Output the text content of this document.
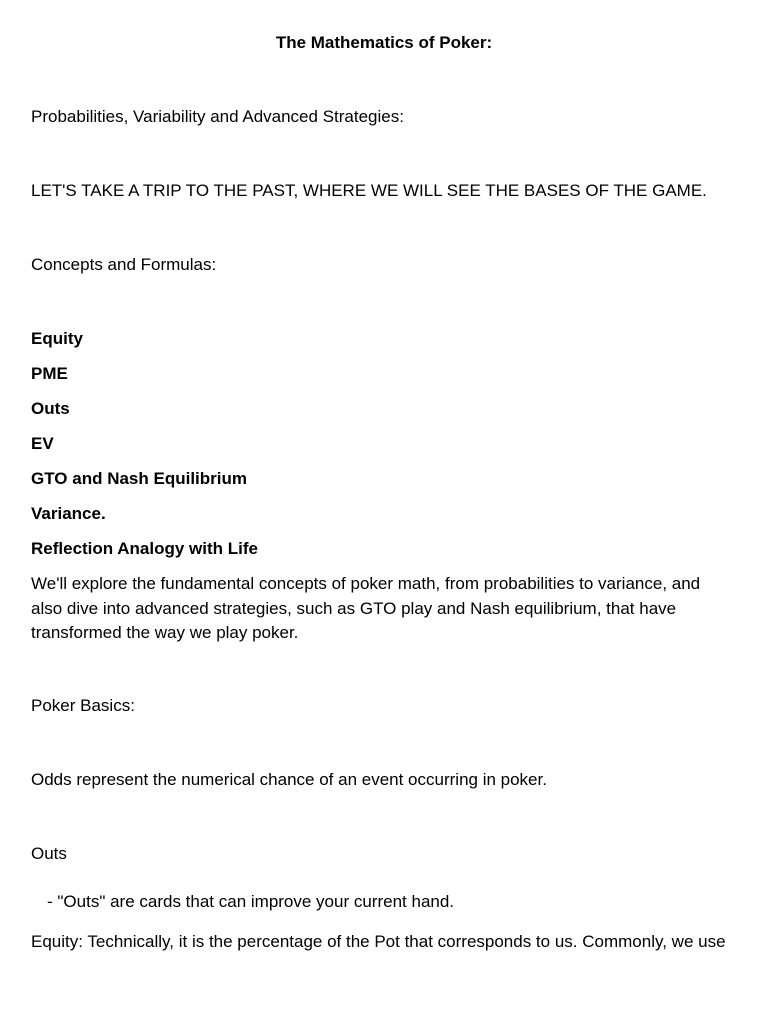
The Mathematics of Poker:

Probabilities, Variability and Advanced Strategies:

LET'S TAKE A TRIP TO THE PAST, WHERE WE WILL SEE THE BASES OF THE GAME.

Concepts and Formulas:

Equity

PME

Outs

EV

GTO and Nash Equilibrium

Variance.

Reflection Analogy with Life

We'll explore the fundamental concepts of poker math, from probabilities to variance, and also dive into advanced strategies, such as GTO play and Nash equilibrium, that have transformed the way we play poker.

Poker Basics:

Odds represent the numerical chance of an event occurring in poker.

Outs

- "Outs" are cards that can improve your current hand.

Equity: Technically, it is the percentage of the Pot that corresponds to us. Commonly, we use
